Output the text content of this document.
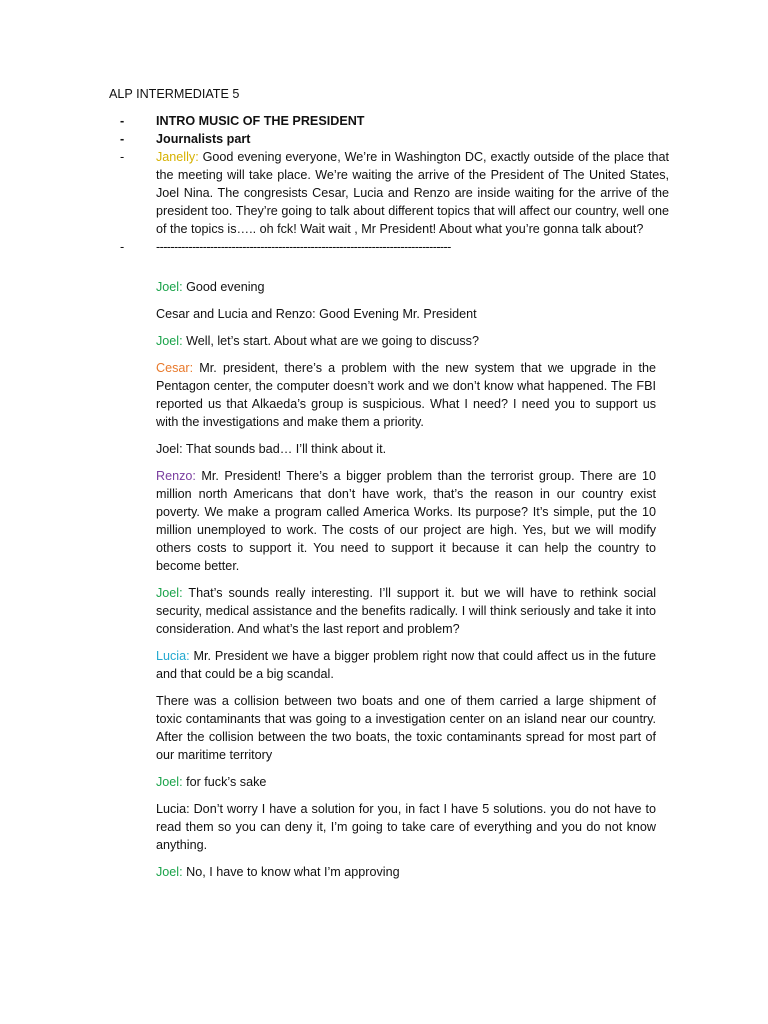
ALP INTERMEDIATE 5
-	INTRO MUSIC OF THE PRESIDENT
-	Journalists part
-	Janelly: Good evening everyone, We’re in Washington DC, exactly outside of the place that the meeting will take place. We’re waiting the arrive of the President of The United States, Joel Nina. The congresists Cesar, Lucia and Renzo are inside waiting for the arrive of the president too. They’re going to talk about different topics that will affect our country, well one of the topics is….. oh fck! Wait wait , Mr President! About what you’re gonna talk about?
-	----------------------------------------------------------------------------------

Joel: Good evening

Cesar and Lucia and Renzo: Good Evening Mr. President

Joel: Well, let’s start. About what are we going to discuss?

Cesar: Mr. president, there’s a problem with the new system that we upgrade in the Pentagon center, the computer doesn’t work and we don’t know what happened. The FBI reported us that Alkaeda’s group is suspicious. What I need? I need you to support us with the investigations and make them a priority.

Joel: That sounds bad… I’ll think about it.

Renzo: Mr. President! There’s a bigger problem than the terrorist group. There are 10 million north Americans that don’t have work, that’s the reason in our country exist poverty. We make a program called America Works. Its purpose? It’s simple, put the 10 million unemployed to work. The costs of our project are high. Yes, but we will modify others costs to support it. You need to support it because it can help the country to become better.

Joel: That’s sounds really interesting. I’ll support it. but we will have to rethink social security, medical assistance and the benefits radically. I will think seriously and take it into consideration. And what’s the last report and problem?

Lucia: Mr. President we have a bigger problem right now that could affect us in the future and that could be a big scandal.

There was a collision between two boats and one of them carried a large shipment of toxic contaminants that was going to a investigation center on an island near our country. After the collision between the two boats, the toxic contaminants spread for most part of our maritime territory

Joel: for fuck’s sake

Lucia: Don’t worry I have a solution for you, in fact I have 5 solutions. you do not have to read them so you can deny it, I’m going to take care of everything and you do not know anything.

Joel: No, I have to know what I’m approving
